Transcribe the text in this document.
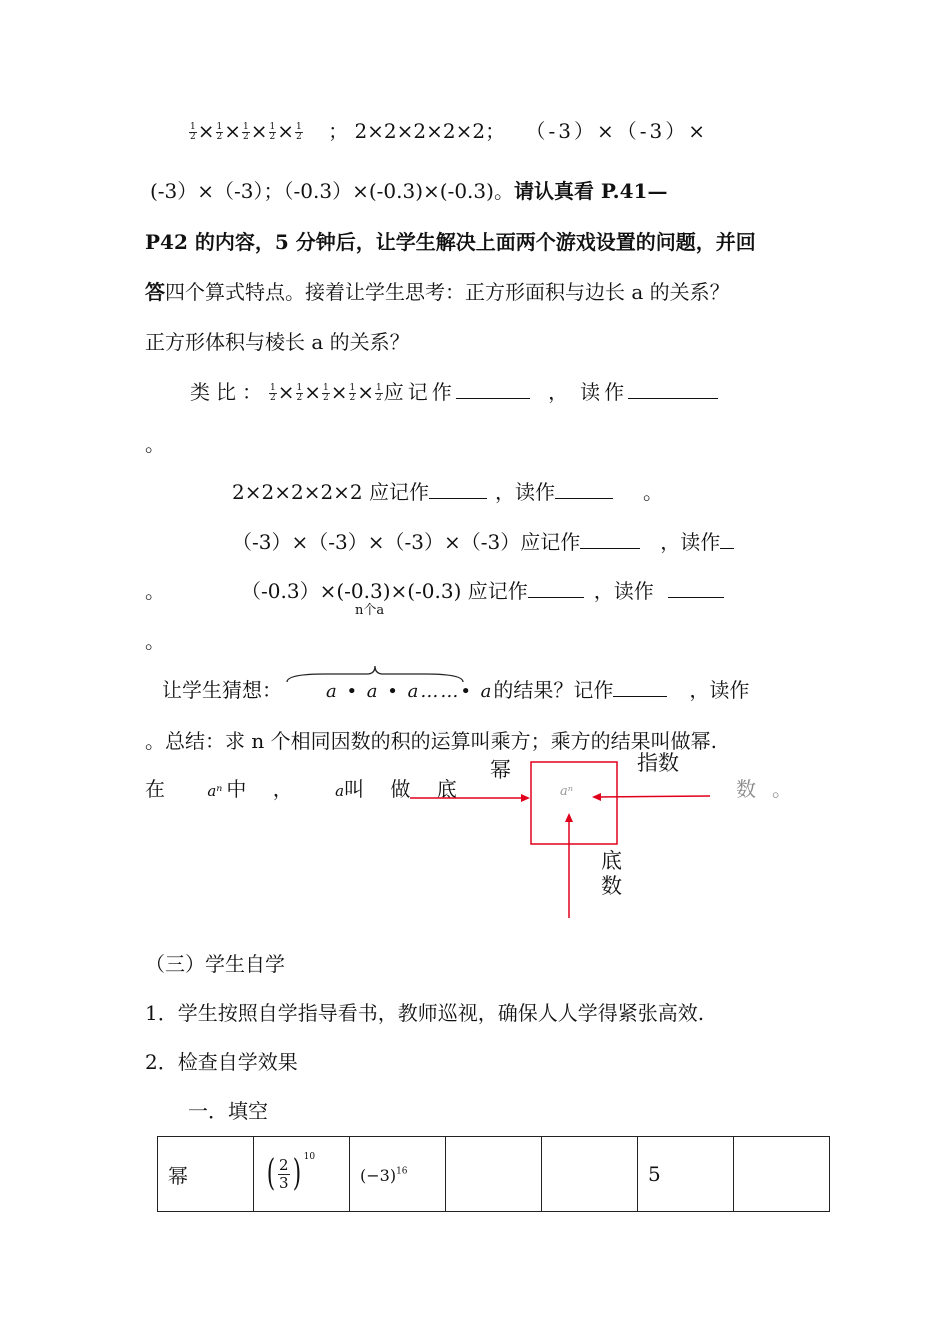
$\frac{1}{2} \times \frac{1}{2} \times \frac{1}{2} \times \frac{1}{2} \times \frac{1}{2}$ ； 2×2×2×2×2； （-3）×（-3）×
(-3）×（-3）；（-0.3）×(-0.3)×(-0.3)。请认真看 P.41—
P42 的内容，5 分钟后，让学生解决上面两个游戏设置的问题，并回
答四个算式特点。接着让学生思考：正方形面积与边长 a 的关系？
正方形体积与棱长 a 的关系？
类比： $\frac{1}{2} \times \frac{1}{2} \times \frac{1}{2} \times \frac{1}{2} \times \frac{1}{2}$ 应记作	， 读作
。
2×2×2×2×2 应记作	，读作	。
（-3）×（-3）×（-3）×（-3）应记作	，读作
。	（-0.3）×(-0.3)×(-0.3) 应记作	，读作
n个a
。
让学生猜想： a • a • a……• a的结果？记作	，读作
。总结：求 n 个相同因数的积的运算叫乘方；乘方的结果叫做幂.
在	aⁿ 中 ，	a叫 做 底	数 。
aⁿ
幂	指数
底
数
（三）学生自学
1．学生按照自学指导看书，教师巡视，确保人人学得紧张高效.
2．检查自学效果
一．填空
幂	( 2
3 ) 10
	$(-3)^{16}$			5	
